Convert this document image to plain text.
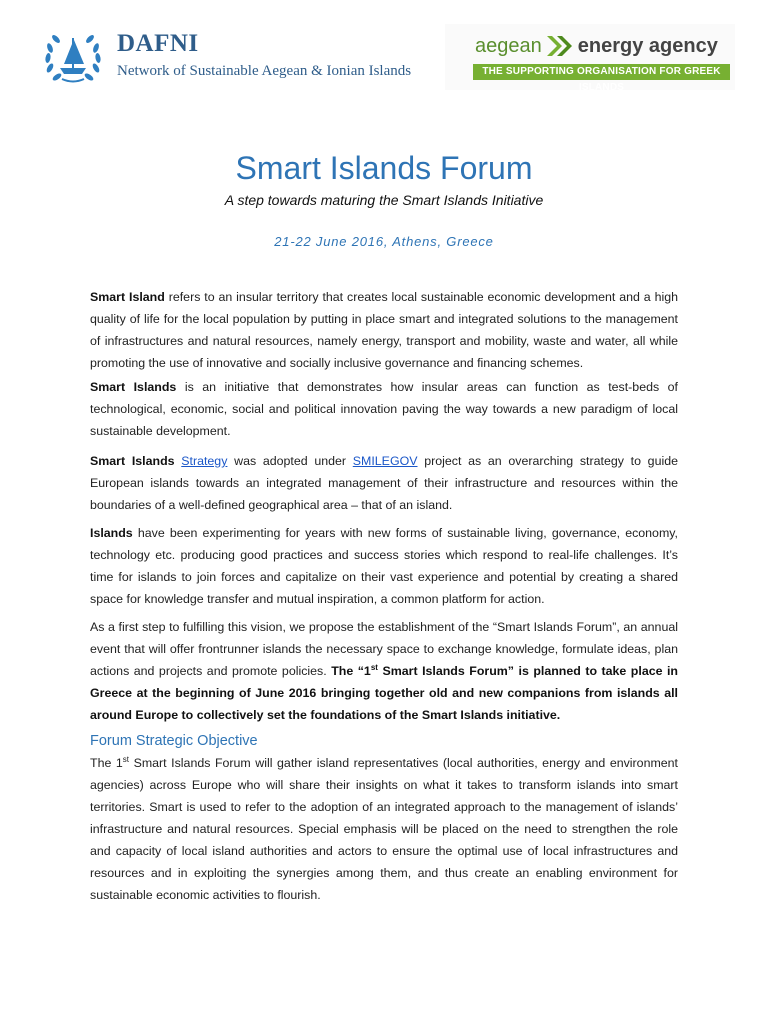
DAFNI
Network of Sustainable Aegean & Ionian Islands
aegean energy agency
THE SUPPORTING ORGANISATION FOR GREEK ISLANDS
Smart Islands Forum
A step towards maturing the Smart Islands Initiative
21-22 June 2016, Athens, Greece

Smart Island refers to an insular territory that creates local sustainable economic development and a high quality of life for the local population by putting in place smart and integrated solutions to the management of infrastructures and natural resources, namely energy, transport and mobility, waste and water, all while promoting the use of innovative and socially inclusive governance and financing schemes.

Smart Islands is an initiative that demonstrates how insular areas can function as test-beds of technological, economic, social and political innovation paving the way towards a new paradigm of local sustainable development.

Smart Islands Strategy was adopted under SMILEGOV project as an overarching strategy to guide European islands towards an integrated management of their infrastructure and resources within the boundaries of a well-defined geographical area – that of an island.

Islands have been experimenting for years with new forms of sustainable living, governance, economy, technology etc. producing good practices and success stories which respond to real-life challenges. It’s time for islands to join forces and capitalize on their vast experience and potential by creating a shared space for knowledge transfer and mutual inspiration, a common platform for action.

As a first step to fulfilling this vision, we propose the establishment of the “Smart Islands Forum”, an annual event that will offer frontrunner islands the necessary space to exchange knowledge, formulate ideas, plan actions and projects and promote policies. The “1st Smart Islands Forum” is planned to take place in Greece at the beginning of June 2016 bringing together old and new companions from islands all around Europe to collectively set the foundations of the Smart Islands initiative.

Forum Strategic Objective

The 1st Smart Islands Forum will gather island representatives (local authorities, energy and environment agencies) across Europe who will share their insights on what it takes to transform islands into smart territories. Smart is used to refer to the adoption of an integrated approach to the management of islands’ infrastructure and natural resources. Special emphasis will be placed on the need to strengthen the role and capacity of local island authorities and actors to ensure the optimal use of local infrastructures and resources and in exploiting the synergies among them, and thus create an enabling environment for sustainable economic activities to flourish.
